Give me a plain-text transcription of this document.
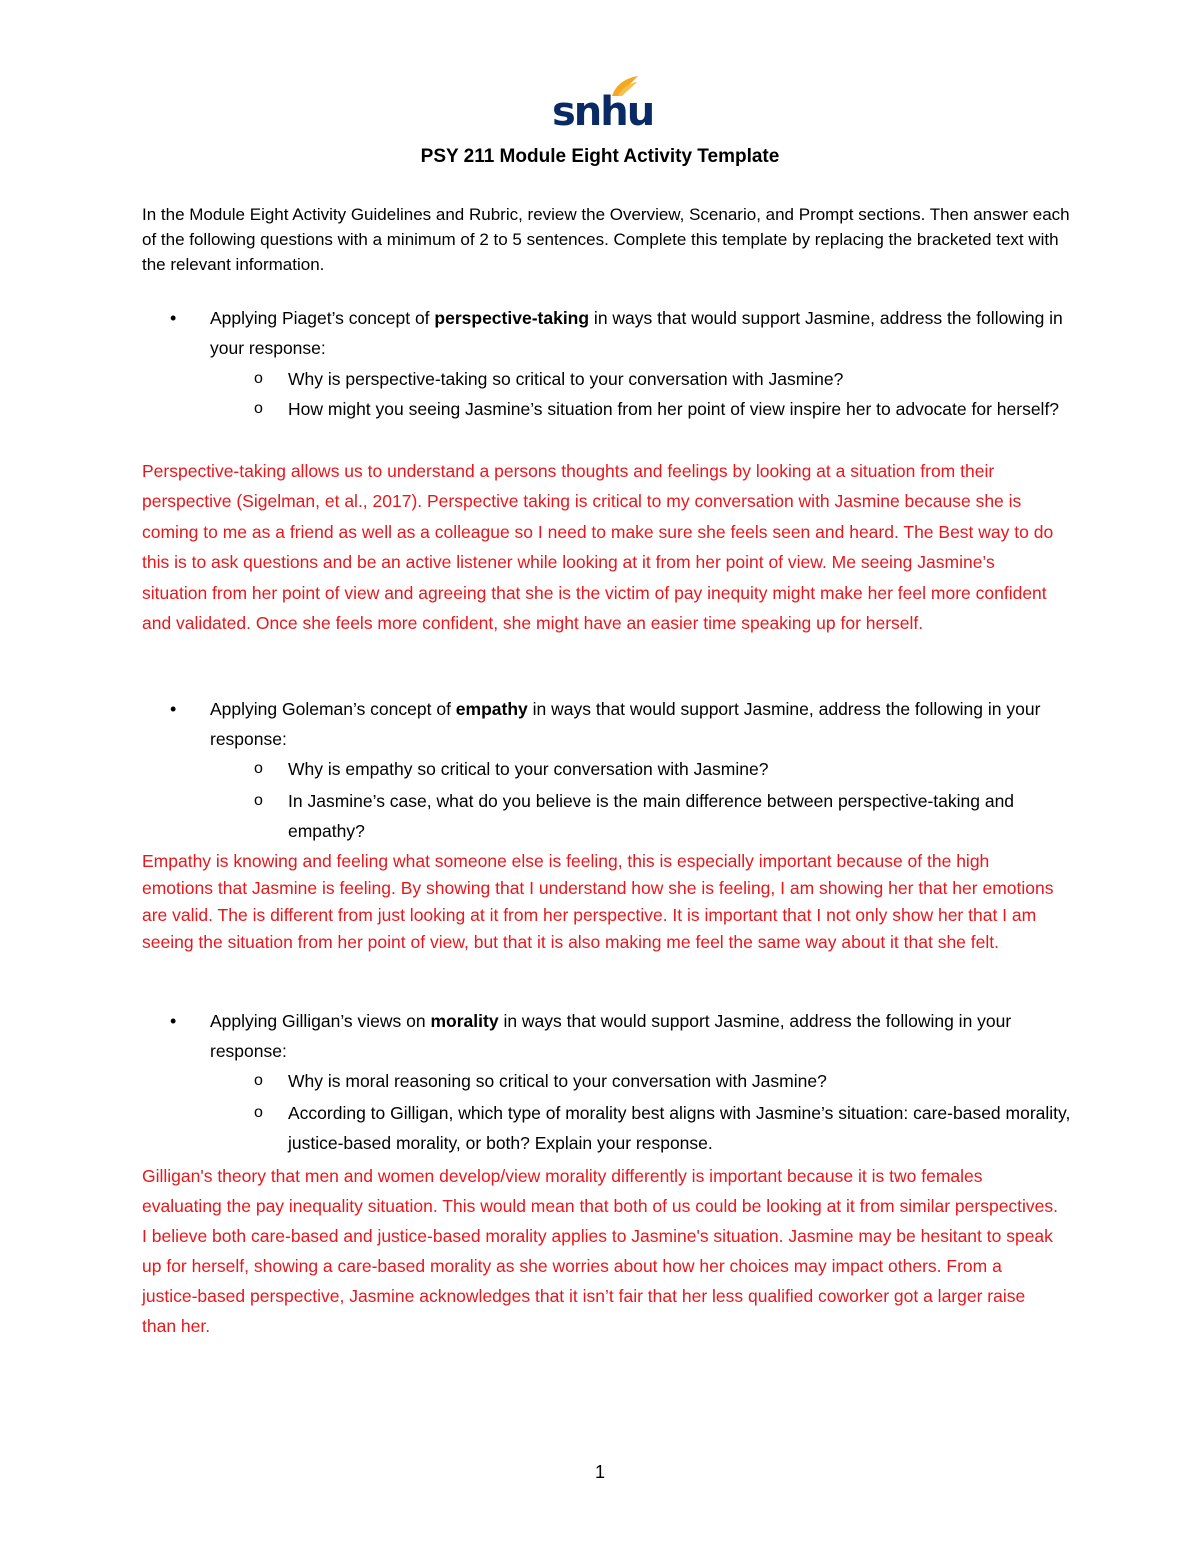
snhu
PSY 211 Module Eight Activity Template
In the Module Eight Activity Guidelines and Rubric, review the Overview, Scenario, and Prompt sections. Then answer each of the following questions with a minimum of 2 to 5 sentences. Complete this template by replacing the bracketed text with the relevant information.
• Applying Piaget’s concept of perspective-taking in ways that would support Jasmine, address the following in your response:
o Why is perspective-taking so critical to your conversation with Jasmine?
o How might you seeing Jasmine’s situation from her point of view inspire her to advocate for herself?
Perspective-taking allows us to understand a persons thoughts and feelings by looking at a situation from their perspective (Sigelman, et al., 2017). Perspective taking is critical to my conversation with Jasmine because she is coming to me as a friend as well as a colleague so I need to make sure she feels seen and heard. The Best way to do this is to ask questions and be an active listener while looking at it from her point of view. Me seeing Jasmine’s situation from her point of view and agreeing that she is the victim of pay inequity might make her feel more confident and validated. Once she feels more confident, she might have an easier time speaking up for herself.
• Applying Goleman’s concept of empathy in ways that would support Jasmine, address the following in your response:
o Why is empathy so critical to your conversation with Jasmine?
o In Jasmine’s case, what do you believe is the main difference between perspective-taking and empathy?
Empathy is knowing and feeling what someone else is feeling, this is especially important because of the high emotions that Jasmine is feeling. By showing that I understand how she is feeling, I am showing her that her emotions are valid. The is different from just looking at it from her perspective. It is important that I not only show her that I am seeing the situation from her point of view, but that it is also making me feel the same way about it that she felt.
• Applying Gilligan’s views on morality in ways that would support Jasmine, address the following in your response:
o Why is moral reasoning so critical to your conversation with Jasmine?
o According to Gilligan, which type of morality best aligns with Jasmine’s situation: care-based morality, justice-based morality, or both? Explain your response.
Gilligan's theory that men and women develop/view morality differently is important because it is two females evaluating the pay inequality situation. This would mean that both of us could be looking at it from similar perspectives. I believe both care-based and justice-based morality applies to Jasmine's situation. Jasmine may be hesitant to speak up for herself, showing a care-based morality as she worries about how her choices may impact others. From a justice-based perspective, Jasmine acknowledges that it isn’t fair that her less qualified coworker got a larger raise than her.
1
